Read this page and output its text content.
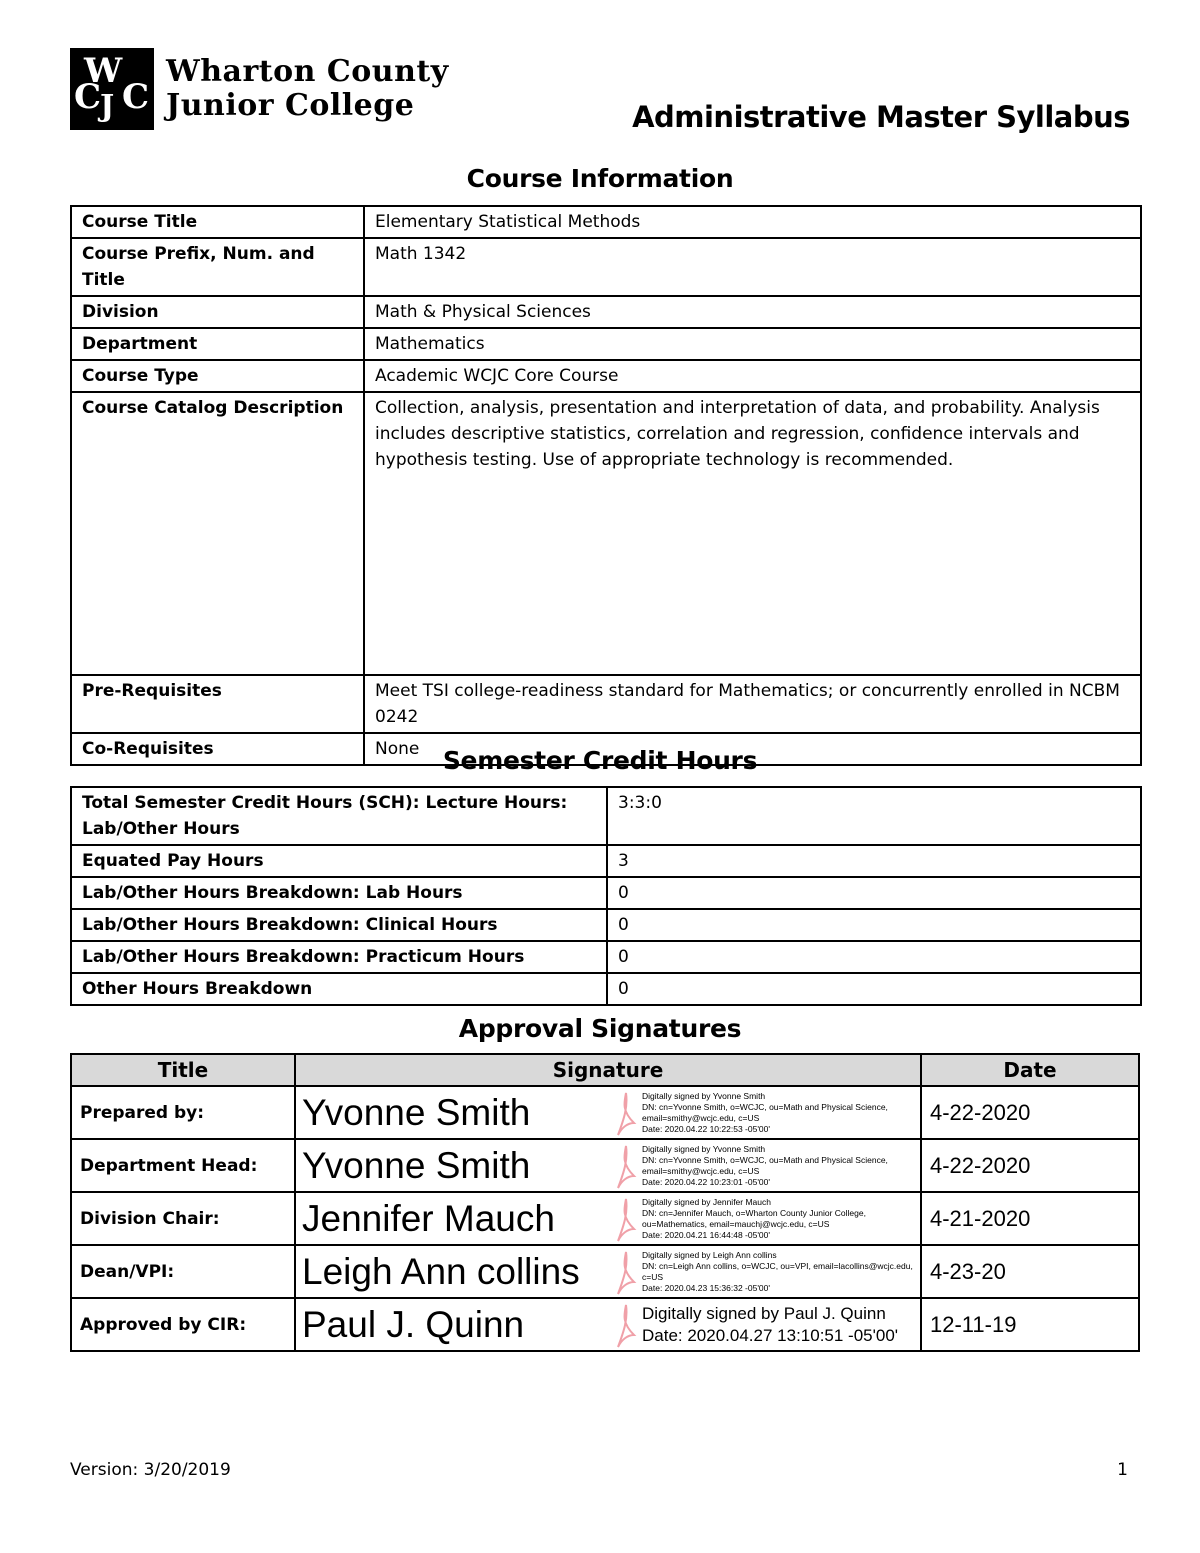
W
C
J C
Wharton County
Junior College	Administrative Master Syllabus
Course Information
Course Title	Elementary Statistical Methods
Course Prefix, Num. and Title	Math 1342
Division	Math & Physical Sciences
Department	Mathematics
Course Type	Academic WCJC Core Course
Course Catalog Description	Collection, analysis, presentation and interpretation of data, and probability. Analysis includes descriptive statistics, correlation and regression, confidence intervals and hypothesis testing. Use of appropriate technology is recommended.
Pre-Requisites	Meet TSI college-readiness standard for Mathematics; or concurrently enrolled in NCBM 0242
Co-Requisites	None Semester Credit Hours
Total Semester Credit Hours (SCH): Lecture Hours: Lab/Other Hours	3:3:0
Equated Pay Hours	3
Lab/Other Hours Breakdown: Lab Hours	0
Lab/Other Hours Breakdown: Clinical Hours	0
Lab/Other Hours Breakdown: Practicum Hours	0
Other Hours Breakdown	0
Approval Signatures
Title	Signature	Date
Prepared by:	Yvonne Smith Digitally signed by Yvonne Smith
DN: cn=Yvonne Smith, o=WCJC, ou=Math and Physical Science,
email=smithy@wcjc.edu, c=US
Date: 2020.04.22 10:22:53 -05'00'	4-22-2020
Department Head:	Yvonne Smith Digitally signed by Yvonne Smith
DN: cn=Yvonne Smith, o=WCJC, ou=Math and Physical Science,
email=smithy@wcjc.edu, c=US
Date: 2020.04.22 10:23:01 -05'00'	4-22-2020
Division Chair:	Jennifer Mauch Digitally signed by Jennifer Mauch
DN: cn=Jennifer Mauch, o=Wharton County Junior College,
ou=Mathematics, email=mauchj@wcjc.edu, c=US
Date: 2020.04.21 16:44:48 -05'00'	4-21-2020
Dean/VPI:	Leigh Ann collins Digitally signed by Leigh Ann collins
DN: cn=Leigh Ann collins, o=WCJC, ou=VPI, email=lacollins@wcjc.edu,
c=US
Date: 2020.04.23 15:36:32 -05'00'	4-23-20
Approved by CIR:	Paul J. Quinn Digitally signed by Paul J. Quinn
Date: 2020.04.27 13:10:51 -05'00'	12-11-19
Version: 3/20/2019	1
